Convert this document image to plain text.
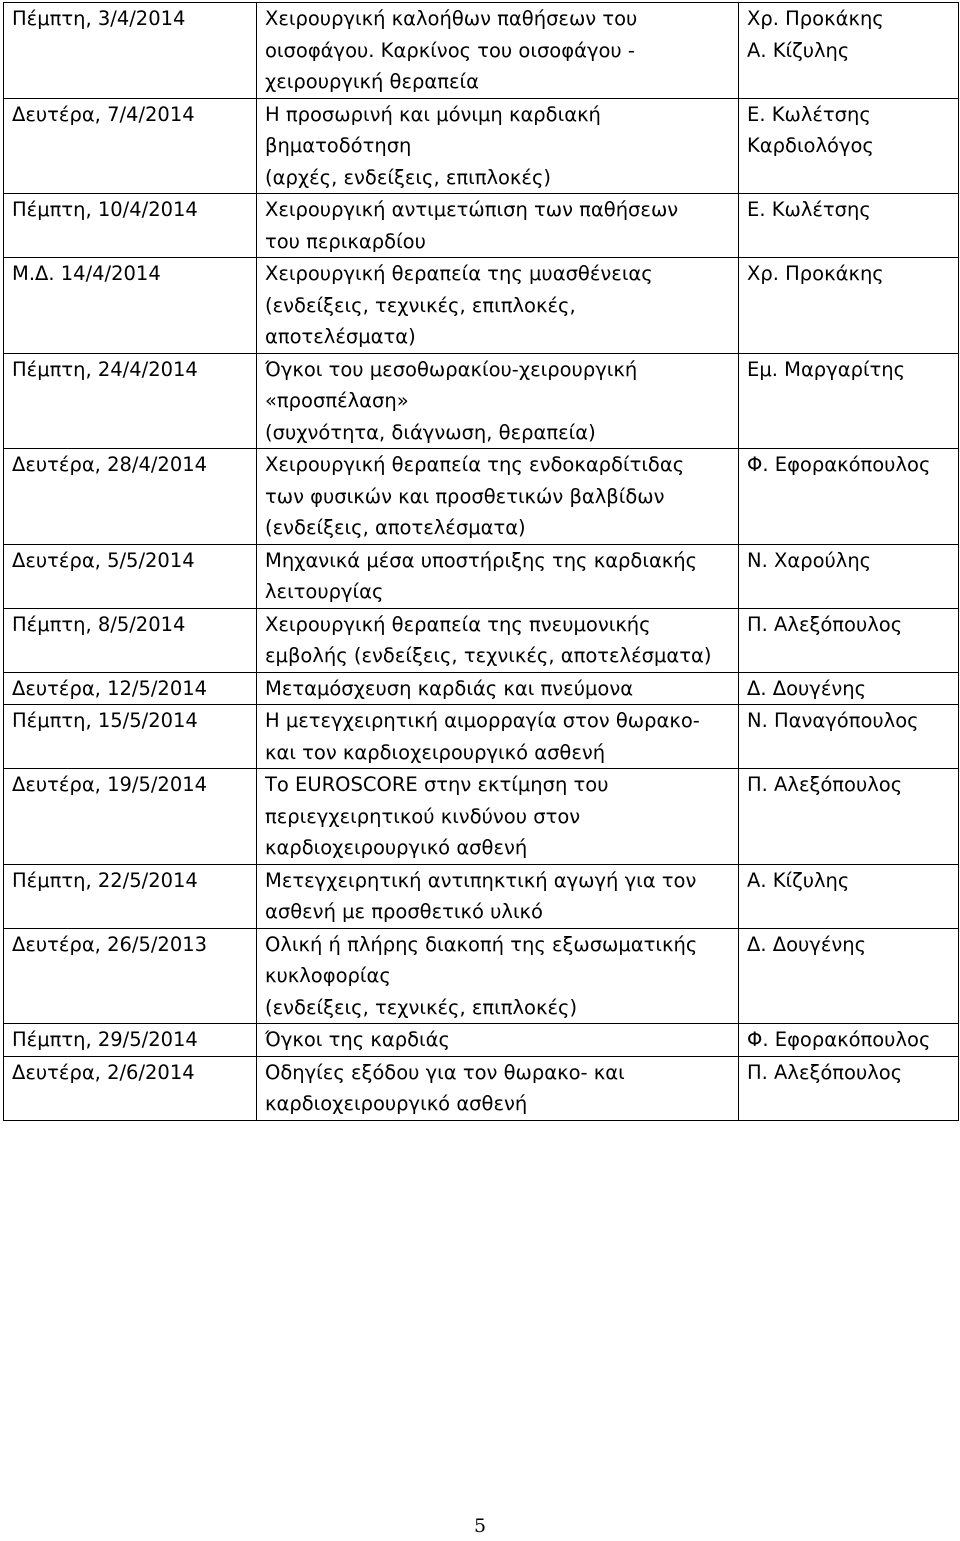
Πέμπτη, 3/4/2014	Χειρουργική καλοήθων παθήσεων του
οισοφάγου. Καρκίνος του οισοφάγου -
χειρουργική θεραπεία	Χρ. Προκάκης
Α. Κίζυλης

Δευτέρα, 7/4/2014	Η προσωρινή και μόνιμη καρδιακή
βηματοδότηση
(αρχές, ενδείξεις, επιπλοκές)	Ε. Κωλέτσης
Καρδιολόγος

Πέμπτη, 10/4/2014	Χειρουργική αντιμετώπιση των παθήσεων
του περικαρδίου	Ε. Κωλέτσης

Μ.Δ. 14/4/2014	Χειρουργική θεραπεία της μυασθένειας
(ενδείξεις, τεχνικές, επιπλοκές,
αποτελέσματα)	Χρ. Προκάκης

Πέμπτη, 24/4/2014	Όγκοι του μεσοθωρακίου-χειρουργική
«προσπέλαση»
(συχνότητα, διάγνωση, θεραπεία)	Εμ. Μαργαρίτης

Δευτέρα, 28/4/2014	Χειρουργική θεραπεία της ενδοκαρδίτιδας
των φυσικών και προσθετικών βαλβίδων
(ενδείξεις, αποτελέσματα)	Φ. Εφορακόπουλος

Δευτέρα, 5/5/2014	Μηχανικά μέσα υποστήριξης της καρδιακής
λειτουργίας	Ν. Χαρούλης

Πέμπτη, 8/5/2014	Χειρουργική θεραπεία της πνευμονικής
εμβολής (ενδείξεις, τεχνικές, αποτελέσματα)	Π. Αλεξόπουλος

Δευτέρα, 12/5/2014	Μεταμόσχευση καρδιάς και πνεύμονα	Δ. Δουγένης

Πέμπτη, 15/5/2014	Η μετεγχειρητική αιμορραγία στον θωρακο-
και τον καρδιοχειρουργικό ασθενή	Ν. Παναγόπουλος

Δευτέρα, 19/5/2014	Το EUROSCORE στην εκτίμηση του
περιεγχειρητικού κινδύνου στον
καρδιοχειρουργικό ασθενή	Π. Αλεξόπουλος

Πέμπτη, 22/5/2014	Μετεγχειρητική αντιπηκτική αγωγή για τον
ασθενή με προσθετικό υλικό	Α. Κίζυλης

Δευτέρα, 26/5/2013	Ολική ή πλήρης διακοπή της εξωσωματικής
κυκλοφορίας
(ενδείξεις, τεχνικές, επιπλοκές)	Δ. Δουγένης

Πέμπτη, 29/5/2014	Όγκοι της καρδιάς	Φ. Εφορακόπουλος

Δευτέρα, 2/6/2014	Οδηγίες εξόδου για τον θωρακο- και
καρδιοχειρουργικό ασθενή	Π. Αλεξόπουλος
5
